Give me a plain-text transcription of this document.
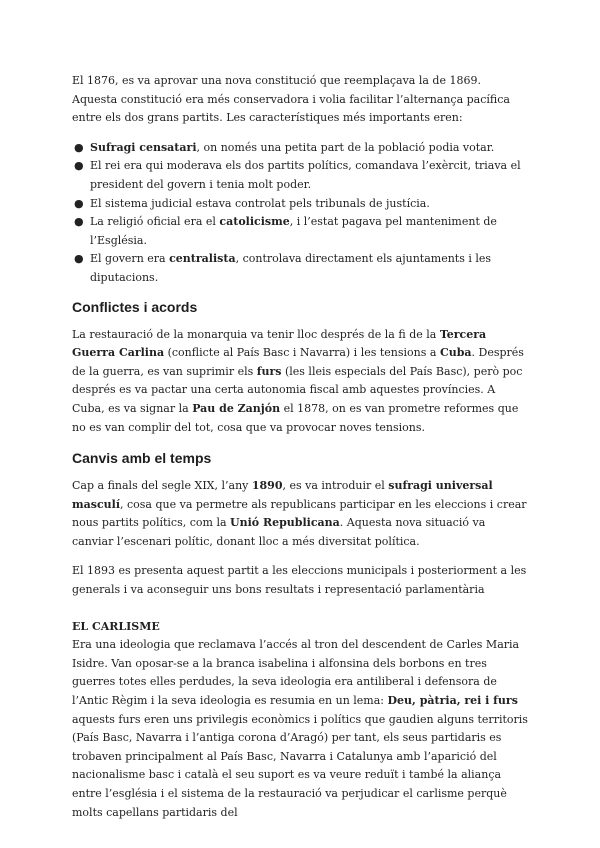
El 1876, es va aprovar una nova constitució que reemplaçava la de 1869. Aquesta constitució era més conservadora i volia facilitar l’alternança pacífica entre els dos grans partits. Les característiques més importants eren:

● Sufragi censatari, on només una petita part de la població podia votar.
● El rei era qui moderava els dos partits polítics, comandava l’exèrcit, triava el president del govern i tenia molt poder.
● El sistema judicial estava controlat pels tribunals de justícia.
● La religió oficial era el catolicisme, i l’estat pagava pel manteniment de l’Església.
● El govern era centralista, controlava directament els ajuntaments i les diputacions.
Conflictes i acords

La restauració de la monarquia va tenir lloc després de la fi de la Tercera Guerra Carlina (conflicte al País Basc i Navarra) i les tensions a Cuba. Després de la guerra, es van suprimir els furs (les lleis especials del País Basc), però poc després es va pactar una certa autonomia fiscal amb aquestes províncies. A Cuba, es va signar la Pau de Zanjón el 1878, on es van prometre reformes que no es van complir del tot, cosa que va provocar noves tensions.

Canvis amb el temps

Cap a finals del segle XIX, l’any 1890, es va introduir el sufragi universal masculí, cosa que va permetre als republicans participar en les eleccions i crear nous partits polítics, com la Unió Republicana. Aquesta nova situació va canviar l’escenari polític, donant lloc a més diversitat política.

El 1893 es presenta aquest partit a les eleccions municipals i posteriorment a les generals i va aconseguir uns bons resultats i representació parlamentària

EL CARLISME

Era una ideologia que reclamava l’accés al tron del descendent de Carles Maria Isidre. Van oposar-se a la branca isabelina i alfonsina dels borbons en tres guerres totes elles perdudes, la seva ideologia era antiliberal i defensora de l’Antic Règim i la seva ideologia es resumia en un lema: Deu, pàtria, rei i furs aquests furs eren uns privilegis econòmics i polítics que gaudien alguns territoris (País Basc, Navarra i l’antiga corona d’Aragó) per tant, els seus partidaris es trobaven principalment al País Basc, Navarra i Catalunya amb l’aparició del nacionalisme basc i català el seu suport es va veure reduït i també la aliança entre l’església i el sistema de la restauració va perjudicar el carlisme perquè molts capellans partidaris del
